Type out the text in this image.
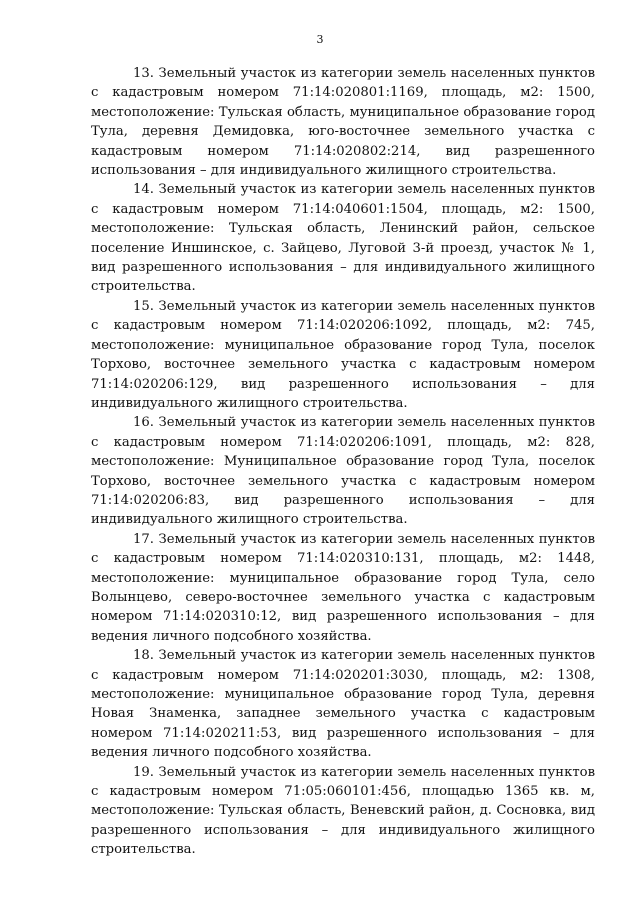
3

13. Земельный участок из категории земель населенных пунктов с кадастровым номером 71:14:020801:1169, площадь, м2: 1500, местоположение: Тульская область, муниципальное образование город Тула, деревня Демидовка, юго-восточнее земельного участка с кадастровым номером 71:14:020802:214, вид разрешенного использования – для индивидуального жилищного строительства.

14. Земельный участок из категории земель населенных пунктов с кадастровым номером 71:14:040601:1504, площадь, м2: 1500, местоположение: Тульская область, Ленинский район, сельское поселение Иншинское, с. Зайцево, Луговой 3-й проезд, участок № 1, вид разрешенного использования – для индивидуального жилищного строительства.

15. Земельный участок из категории земель населенных пунктов с кадастровым номером 71:14:020206:1092, площадь, м2: 745, местоположение: муниципальное образование город Тула, поселок Торхово, восточнее земельного участка с кадастровым номером 71:14:020206:129, вид разрешенного использования – для индивидуального жилищного строительства.

16. Земельный участок из категории земель населенных пунктов с кадастровым номером 71:14:020206:1091, площадь, м2: 828, местоположение: Муниципальное образование город Тула, поселок Торхово, восточнее земельного участка с кадастровым номером 71:14:020206:83, вид разрешенного использования – для индивидуального жилищного строительства.

17. Земельный участок из категории земель населенных пунктов с кадастровым номером 71:14:020310:131, площадь, м2: 1448, местоположение: муниципальное образование город Тула, село Волынцево, северо-восточнее земельного участка с кадастровым номером 71:14:020310:12, вид разрешенного использования – для ведения личного подсобного хозяйства.

18. Земельный участок из категории земель населенных пунктов с кадастровым номером 71:14:020201:3030, площадь, м2: 1308, местоположение: муниципальное образование город Тула, деревня Новая Знаменка, западнее земельного участка с кадастровым номером 71:14:020211:53, вид разрешенного использования – для ведения личного подсобного хозяйства.

19. Земельный участок из категории земель населенных пунктов с кадастровым номером 71:05:060101:456, площадью 1365 кв. м, местоположение: Тульская область, Веневский район, д. Сосновка, вид разрешенного использования – для индивидуального жилищного строительства.
